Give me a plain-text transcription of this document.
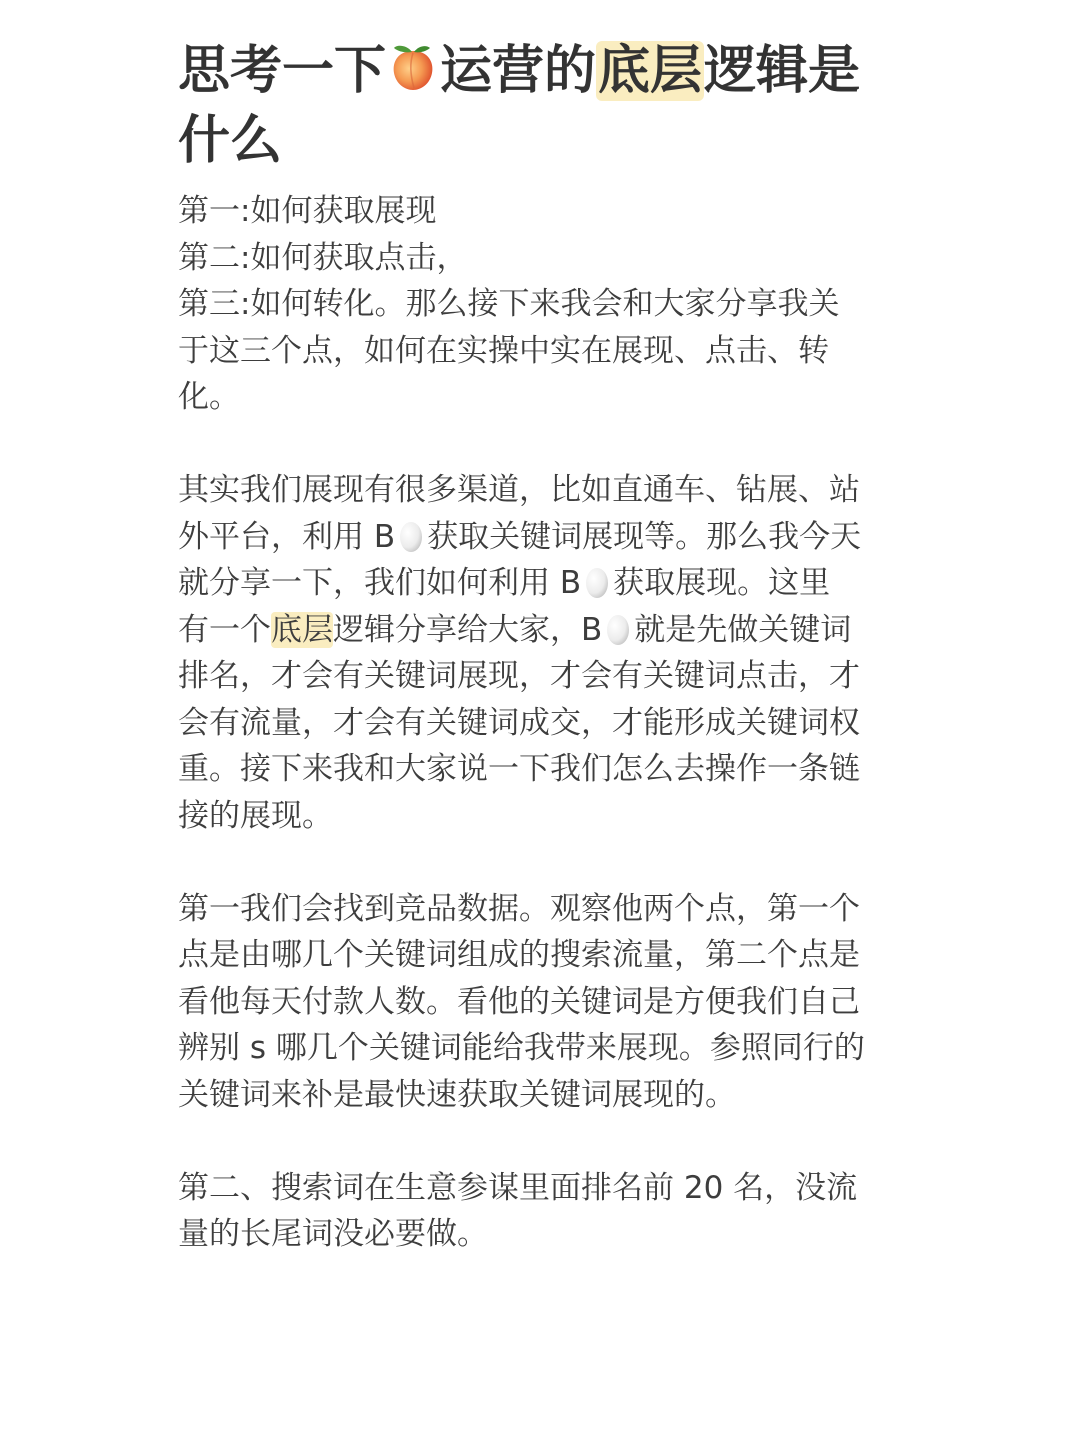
思考一下 运营的底层逻辑是
什么
第一:如何获取展现
第二:如何获取点击，
第三:如何转化。那么接下来我会和大家分享我关
于这三个点，如何在实操中实在展现、点击、转
化。
其实我们展现有很多渠道，比如直通车、钻展、站
外平台，利用 B 获取关键词展现等。那么我今天
就分享一下，我们如何利用 B 获取展现。这里
有一个底层逻辑分享给大家，B 就是先做关键词
排名，才会有关键词展现，才会有关键词点击，才
会有流量，才会有关键词成交，才能形成关键词权
重。接下来我和大家说一下我们怎么去操作一条链
接的展现。
第一我们会找到竞品数据。观察他两个点，第一个
点是由哪几个关键词组成的搜索流量，第二个点是
看他每天付款人数。看他的关键词是方便我们自己
辨别 s 哪几个关键词能给我带来展现。参照同行的
关键词来补是最快速获取关键词展现的。
第二、搜索词在生意参谋里面排名前 20 名，没流
量的长尾词没必要做。
